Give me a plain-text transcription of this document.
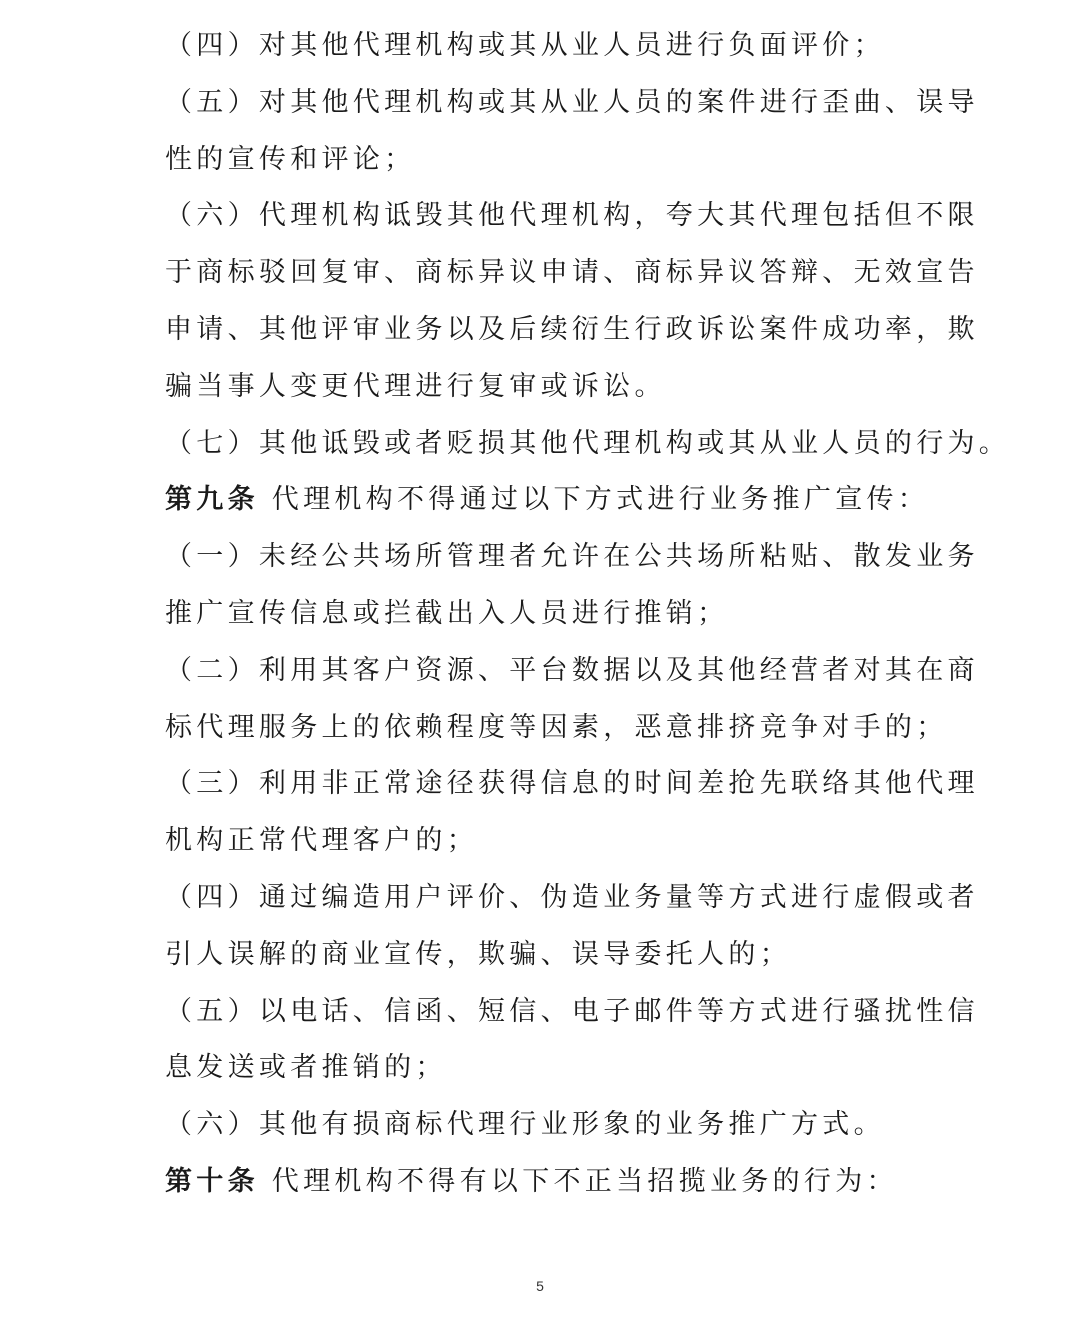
（四）对其他代理机构或其从业人员进行负面评价；
（五）对其他代理机构或其从业人员的案件进行歪曲、误导
性的宣传和评论；
（六）代理机构诋毁其他代理机构，夸大其代理包括但不限
于商标驳回复审、商标异议申请、商标异议答辩、无效宣告
申请、其他评审业务以及后续衍生行政诉讼案件成功率，欺
骗当事人变更代理进行复审或诉讼。
（七）其他诋毁或者贬损其他代理机构或其从业人员的行为。
第九条 代理机构不得通过以下方式进行业务推广宣传：
（一）未经公共场所管理者允许在公共场所粘贴、散发业务
推广宣传信息或拦截出入人员进行推销；
（二）利用其客户资源、平台数据以及其他经营者对其在商
标代理服务上的依赖程度等因素，恶意排挤竞争对手的；
（三）利用非正常途径获得信息的时间差抢先联络其他代理
机构正常代理客户的；
（四）通过编造用户评价、伪造业务量等方式进行虚假或者
引人误解的商业宣传，欺骗、误导委托人的；
（五）以电话、信函、短信、电子邮件等方式进行骚扰性信
息发送或者推销的；
（六）其他有损商标代理行业形象的业务推广方式。
第十条 代理机构不得有以下不正当招揽业务的行为：
5
